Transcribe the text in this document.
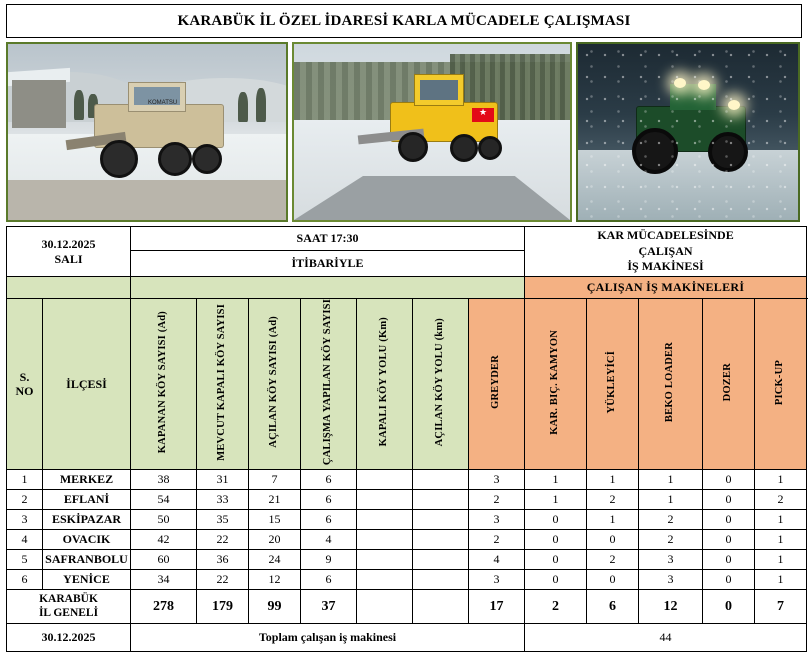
KARABÜK İL ÖZEL İDARESİ KARLA MÜCADELE ÇALIŞMASI
KOMATSU
★
30.12.2025
SALI
	SAAT 17:30	KAR MÜCADELESİNDE
ÇALIŞAN
İŞ MAKİNESİ

		İTİBARİYLE											
									ÇALIŞAN İŞ MAKİNELERİ				

S.
NO	İLÇESİ	KAPANAN KÖY SAYISI (Ad)	MEVCUT KAPALI KÖY SAYISI	AÇILAN KÖY SAYISI (Ad)	ÇALIŞMA YAPILAN KÖY SAYISI	KAPALI KÖY YOLU (Km)	AÇILAN KÖY YOLU (km)	GREYDER	KAR. BIÇ. KAMYON	YÜKLEYİCİ	BEKO LOADER	DOZER	PICK-UP
1	MERKEZ	38	31	7	6			3	1	1	1	0	1
2	EFLANİ	54	33	21	6			2	1	2	1	0	2
3	ESKİPAZAR	50	35	15	6			3	0	1	2	0	1
4	OVACIK	42	22	20	4			2	0	0	2	0	1
5	SAFRANBOLU	60	36	24	9			4	0	2	3	0	1
6	YENİCE	34	22	12	6			3	0	0	3	0	1

KARABÜK
İL GENELİ		278	179	99	37			17	2	6	12	0	7
30.12.2025		Toplam çalışan iş makinesi							44				
